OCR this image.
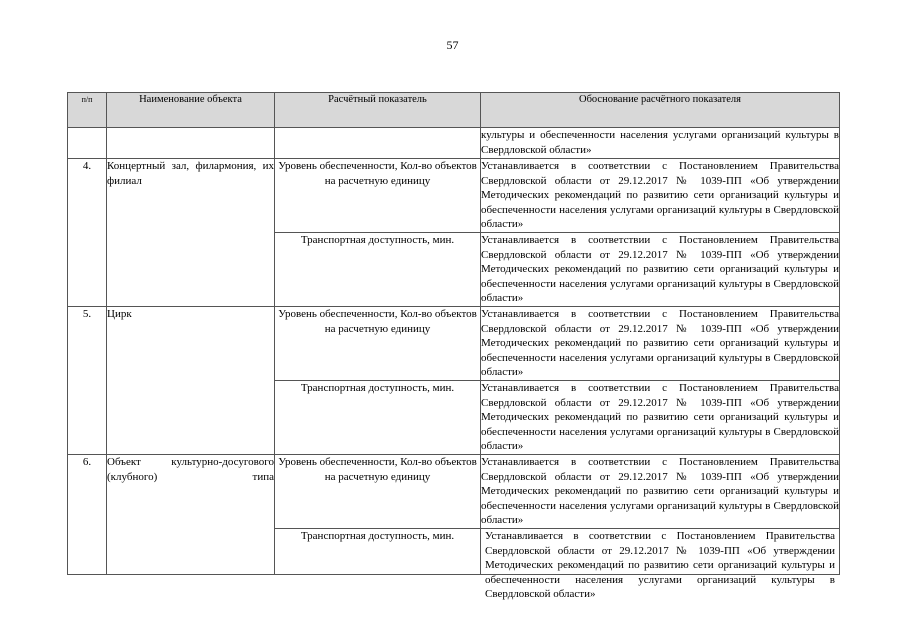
57
п/п	Наименование объекта	Расчётный показатель	Обоснование расчётного показателя
			культуры и обеспеченности населения услугами организаций культуры в Свердловской области»
4.	Концертный зал, филармония, их филиал	Уровень обеспеченности, Кол-во объектов на расчетную единицу	Устанавливается в соответствии с Постановлением Правительства Свердловской области от 29.12.2017 № 1039-ПП «Об утверждении Методических рекомендаций по развитию сети организаций культуры и обеспеченности населения услугами организаций культуры в Свердловской области»
		Транспортная доступность, мин.	Устанавливается в соответствии с Постановлением Правительства Свердловской области от 29.12.2017 № 1039-ПП «Об утверждении Методических рекомендаций по развитию сети организаций культуры и обеспеченности населения услугами организаций культуры в Свердловской области»
5.	Цирк	Уровень обеспеченности, Кол-во объектов на расчетную единицу	Устанавливается в соответствии с Постановлением Правительства Свердловской области от 29.12.2017 № 1039-ПП «Об утверждении Методических рекомендаций по развитию сети организаций культуры и обеспеченности населения услугами организаций культуры в Свердловской области»
		Транспортная доступность, мин.	Устанавливается в соответствии с Постановлением Правительства Свердловской области от 29.12.2017 № 1039-ПП «Об утверждении Методических рекомендаций по развитию сети организаций культуры и обеспеченности населения услугами организаций культуры в Свердловской области»
6.	Объект культурно-досугового (клубного) типа	Уровень обеспеченности, Кол-во объектов на расчетную единицу	Устанавливается в соответствии с Постановлением Правительства Свердловской области от 29.12.2017 № 1039-ПП «Об утверждении Методических рекомендаций по развитию сети организаций культуры и обеспеченности населения услугами организаций культуры в Свердловской области»
		Транспортная доступность, мин.	Устанавливается в соответствии с Постановлением Правительства Свердловской области от 29.12.2017 № 1039-ПП «Об утверждении Методических рекомендаций по развитию сети организаций культуры и обеспеченности населения услугами организаций культуры в Свердловской области»
